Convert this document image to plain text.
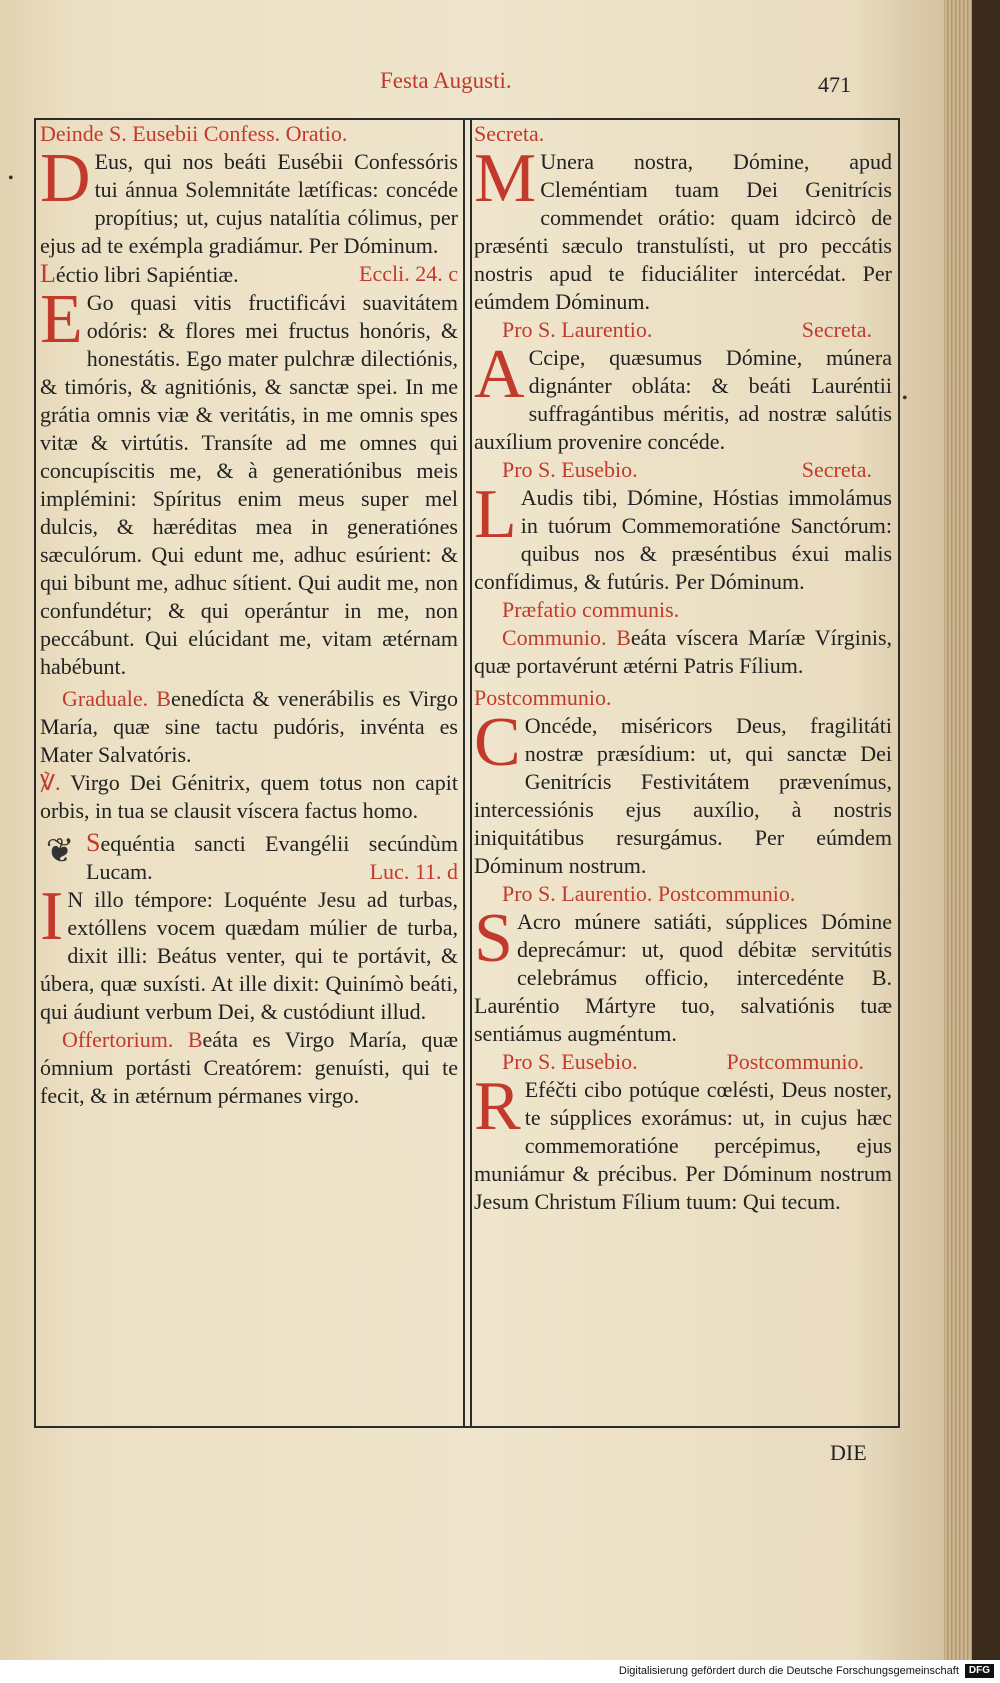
Festa Augusti.	471

Deinde S. Eusebii Confess. Oratio.

D Eus, qui nos beáti Eusébii Confessóris tui ánnua Solemnitáte lætíficas: concéde propítius; ut, cujus natalítia cólimus, per ejus ad te exémpla gradiámur. Per Dóminum.

Léctio libri Sapiéntiæ.	Eccli. 24. c

E Go quasi vitis fructificávi suavitátem odóris: & flores mei fructus honóris, & honestátis. Ego mater pulchræ dilectiónis, & timóris, & agnitiónis, & sanctæ spei. In me grátia omnis viæ & veritátis, in me omnis spes vitæ & virtútis. Transíte ad me omnes qui concupíscitis me, & à generatiónibus meis implémini: Spíritus enim meus super mel dulcis, & hæréditas mea in generatiónes sæculórum. Qui edunt me, adhuc esúrient: & qui bibunt me, adhuc sítient. Qui audit me, non confundétur; & qui operántur in me, non peccábunt. Qui elúcidant me, vitam ætérnam habébunt.

Graduale. Benedícta & venerábilis es Virgo María, quæ sine tactu pudóris, invénta es Mater Salvatóris.

℣. Virgo Dei Génitrix, quem totus non capit orbis, in tua se clausit víscera factus homo.

❦ Sequéntia sancti Evangélii secúndùm Lucam.	Luc. 11. d

I N illo témpore: Loquénte Jesu ad turbas, extóllens vocem quædam múlier de turba, dixit illi: Beátus venter, qui te portávit, & úbera, quæ suxísti. At ille dixit: Quinímò beáti, qui áudiunt verbum Dei, & custódiunt illud.

Offertorium. Beáta es Virgo María, quæ ómnium portásti Creatórem: genuísti, qui te fecit, & in ætérnum pérmanes virgo.

Secreta.

M Unera nostra, Dómine, apud Cleméntiam tuam Dei Genitrícis commendet orátio: quam idcircò de præsénti sæculo transtulísti, ut pro peccátis nostris apud te fiduciáliter intercédat. Per eúmdem Dóminum.

Pro S. Laurentio.	Secreta.

A Ccipe, quæsumus Dómine, múnera dignánter obláta: & beáti Lauréntii suffragántibus méritis, ad nostræ salútis auxílium provenire concéde.

Pro S. Eusebio.	Secreta.

L Audis tibi, Dómine, Hóstias immolámus in tuórum Commemoratióne Sanctórum: quibus nos & præséntibus éxui malis confídimus, & futúris. Per Dóminum.

Præfatio communis.

Communio. Beáta víscera Maríæ Vírginis, quæ portavérunt ætérni Patris Fílium.

Postcommunio.

C Oncéde, miséricors Deus, fragilitáti nostræ præsídium: ut, qui sanctæ Dei Genitrícis Festivitátem prævenímus, intercessiónis ejus auxílio, à nostris iniquitátibus resurgámus. Per eúmdem Dóminum nostrum.

Pro S. Laurentio. Postcommunio.

S Acro múnere satiáti, súpplices Dómine deprecámur: ut, quod débitæ servitútis celebrámus officio, intercedénte B. Lauréntio Mártyre tuo, salvatiónis tuæ sentiámus augméntum.

Pro S. Eusebio.	Postcommunio.

R Eféčti cibo potúque cœlésti, Deus noster, te súpplices exorámus: ut, in cujus hæc commemoratióne percépimus, ejus muniámur & précibus. Per Dóminum nostrum Jesum Christum Fílium tuum: Qui tecum.

DIE
•
•
Digitalisierung gefördert durch die Deutsche Forschungsgemeinschaft DFG
